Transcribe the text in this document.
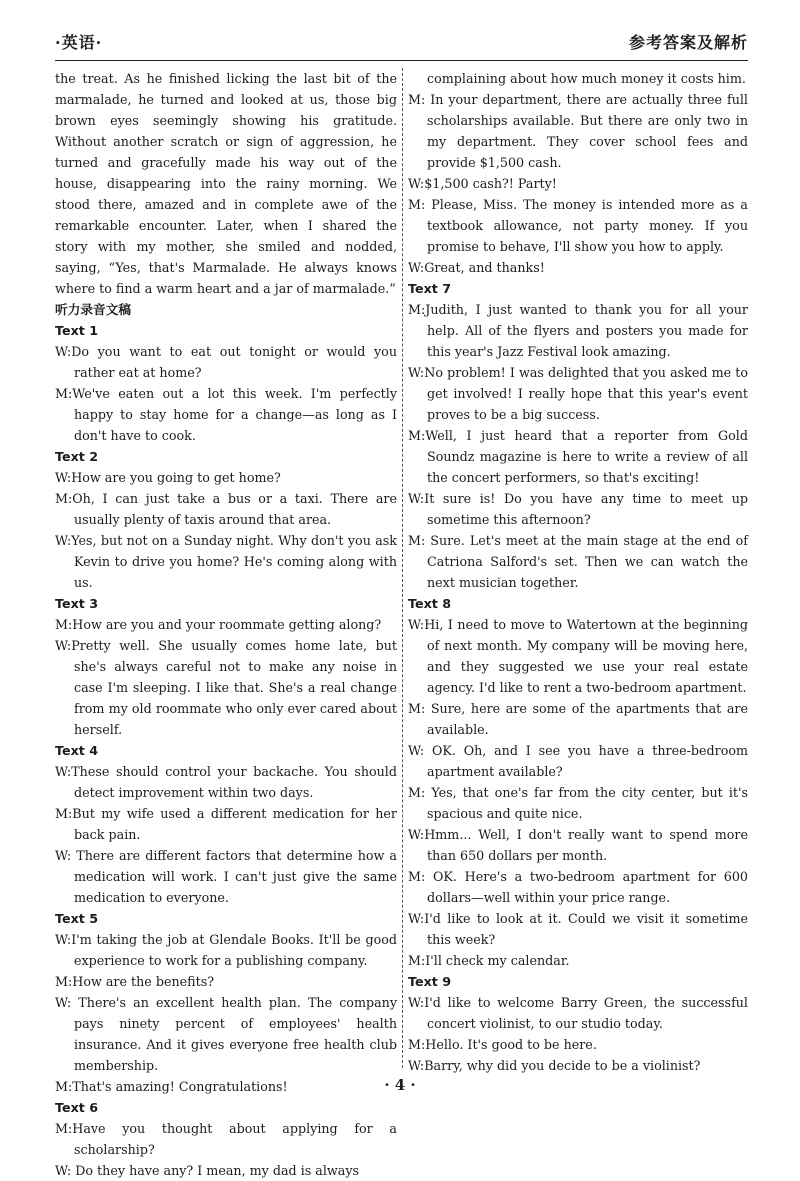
·英语·	参考答案及解析

the treat. As he finished licking the last bit of the marmalade, he turned and looked at us, those big brown eyes seemingly showing his gratitude. Without another scratch or sign of aggression, he turned and gracefully made his way out of the house, disappearing into the rainy morning. We stood there, amazed and in complete awe of the remarkable encounter. Later, when I shared the story with my mother, she smiled and nodded, saying, “Yes, that's Marmalade. He always knows where to find a warm heart and a jar of marmalade.”

听力录音文稿

Text 1

W:Do you want to eat out tonight or would you rather eat at home?

M:We've eaten out a lot this week. I'm perfectly happy to stay home for a change—as long as I don't have to cook.

Text 2

W:How are you going to get home?

M:Oh, I can just take a bus or a taxi. There are usually plenty of taxis around that area.

W:Yes, but not on a Sunday night. Why don't you ask Kevin to drive you home? He's coming along with us.

Text 3

M:How are you and your roommate getting along?

W:Pretty well. She usually comes home late, but she's always careful not to make any noise in case I'm sleeping. I like that. She's a real change from my old roommate who only ever cared about herself.

Text 4

W:These should control your backache. You should detect improvement within two days.

M:But my wife used a different medication for her back pain.

W: There are different factors that determine how a medication will work. I can't just give the same medication to everyone.

Text 5

W:I'm taking the job at Glendale Books. It'll be good experience to work for a publishing company.

M:How are the benefits?

W: There's an excellent health plan. The company pays ninety percent of employees' health insurance. And it gives everyone free health club membership.

M:That's amazing! Congratulations!

Text 6

M:Have you thought about applying for a scholarship?

W: Do they have any? I mean, my dad is always

complaining about how much money it costs him.

M: In your department, there are actually three full scholarships available. But there are only two in my department. They cover school fees and provide $1,500 cash.

W:$1,500 cash?! Party!

M: Please, Miss. The money is intended more as a textbook allowance, not party money. If you promise to behave, I'll show you how to apply.

W:Great, and thanks!

Text 7

M:Judith, I just wanted to thank you for all your help. All of the flyers and posters you made for this year's Jazz Festival look amazing.

W:No problem! I was delighted that you asked me to get involved! I really hope that this year's event proves to be a big success.

M:Well, I just heard that a reporter from Gold Soundz magazine is here to write a review of all the concert performers, so that's exciting!

W:It sure is! Do you have any time to meet up sometime this afternoon?

M: Sure. Let's meet at the main stage at the end of Catriona Salford's set. Then we can watch the next musician together.

Text 8

W:Hi, I need to move to Watertown at the beginning of next month. My company will be moving here, and they suggested we use your real estate agency. I'd like to rent a two-bedroom apartment.

M: Sure, here are some of the apartments that are available.

W: OK. Oh, and I see you have a three-bedroom apartment available?

M: Yes, that one's far from the city center, but it's spacious and quite nice.

W:Hmm... Well, I don't really want to spend more than 650 dollars per month.

M: OK. Here's a two-bedroom apartment for 600 dollars—well within your price range.

W:I'd like to look at it. Could we visit it sometime this week?

M:I'll check my calendar.

Text 9

W:I'd like to welcome Barry Green, the successful concert violinist, to our studio today.

M:Hello. It's good to be here.

W:Barry, why did you decide to be a violinist?

· 4 ·
